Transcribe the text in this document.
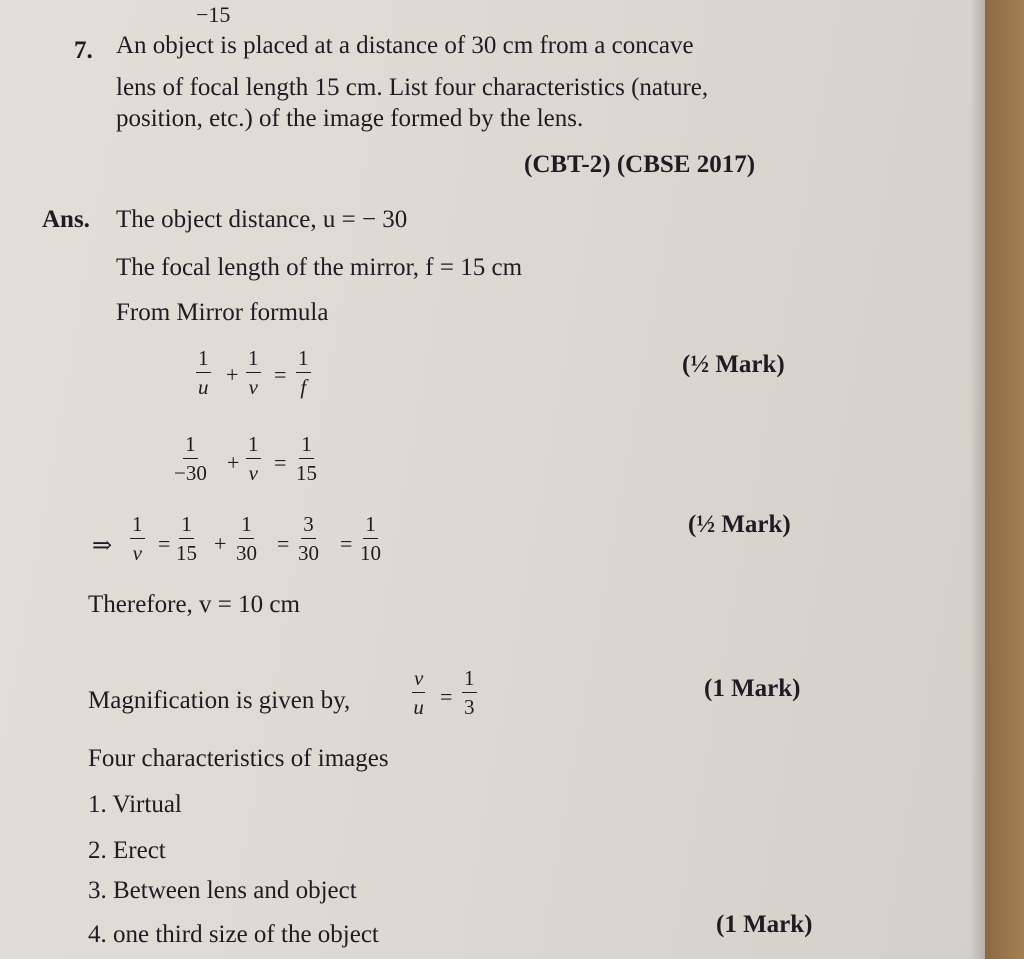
−15
7. An object is placed at a distance of 30 cm from a concave
lens of focal length 15 cm. List four characteristics (nature,
position, etc.) of the image formed by the lens.
(CBT-2) (CBSE 2017)
Ans. The object distance, u = − 30
The focal length of the mirror, f = 15 cm
From Mirror formula
$\frac{1}{u} + \frac{1}{v} = \frac{1}{f}$	(½ Mark)
$\frac{1}{-30} + \frac{1}{v} = \frac{1}{15}$
⇒ $\frac{1}{v} = \frac{1}{15} + \frac{1}{30} = \frac{3}{30} = \frac{1}{10}$	(½ Mark)
Therefore, v = 10 cm
Magnification is given by,	$\frac{v}{u} = \frac{1}{3}$	(1 Mark)
Four characteristics of images
1. Virtual
2. Erect
3. Between lens and object
4. one third size of the object	(1 Mark)
